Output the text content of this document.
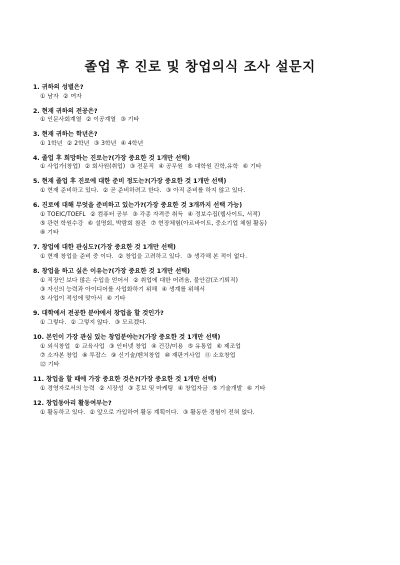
졸업 후 진로 및 창업의식 조사 설문지
1. 귀하의 성별은?
① 남자 ② 여자
2. 현재 귀하의 전공은?
① 인문사회계열 ② 이공계열 ③ 기타
3. 현재 귀하는 학년은?
① 1학년 ② 2학년 ③ 3학년 ④ 4학년
4. 졸업 후 희망하는 진로는?(가장 중요한 것 1개만 선택)
① 사업가(창업) ② 회사원(취업) ③ 전문직 ④ 공무원 ⑤ 대학원 진학,유학 ⑥ 기타
5. 현재 졸업 후 진로에 대한 준비 정도는?(가장 중요한 것 1개만 선택)
① 현재 준비하고 있다. ② 곧 준비하려고 한다. ③ 아직 준비를 하지 않고 있다.
6. 진로에 대해 무엇을 준비하고 있는가?(가장 중요한 것 3개까지 선택 가능)
① TOEIC/TOEFL ② 컴퓨터 공부 ③ 각종 자격증 취득 ④ 정보수집(웹사이트, 서적)
⑤ 관련 학원수강 ⑥ 설명회, 박람회 참관 ⑦ 현장체험(아르바이트, 중소기업 체험 활동)
⑧ 기타
7. 창업에 대한 관심도?(가장 중요한 것 1개만 선택)
① 현재 창업을 준비 중 이다. ② 창업을 고려하고 있다. ③ 생각해 본 적이 없다.
8. 창업을 하고 싶은 이유는?(가장 중요한 것 1개만 선택)
① 직장인 보다 많은 수입을 얻어서 ② 취업에 대한 어려움, 불안감(조기퇴직)
③ 자신의 능력과 아이디어를 사업화하기 위해 ④ 생계를 위해서
⑤ 사업이 적성에 맞아서 ⑥ 기타
9. 대학에서 전공한 분야에서 창업을 할 것인가?
① 그렇다. ② 그렇지 않다. ③ 모르겠다.
10. 본인이 가장 관심 있는 창업분야는?(가장 중요한 것 1개만 선택)
① 외식창업 ② 교육사업 ③ 인터넷 창업 ④ 건강/미용 ⑤ 유통업 ⑥ 제조업
⑦ 소자본 창업 ⑧ 투잡스 ⑨ 신기술/벤처창업 ⑩ 재판거사업 ⑪ 소호창업
⑫ 기타
11. 창업을 할 때에 가장 중요한 것은?(가장 중요한 것 1개만 선택)
① 경영자로서의 능력 ② 시장성 ③ 홍보 및 마케팅 ④ 창업자금 ⑤ 기술개발 ⑥ 기타
12. 창업동아리 활동여부는?
① 활동하고 있다. ② 앞으로 가입하여 활동 계획이다. ③ 활동한 경험이 전혀 없다.
